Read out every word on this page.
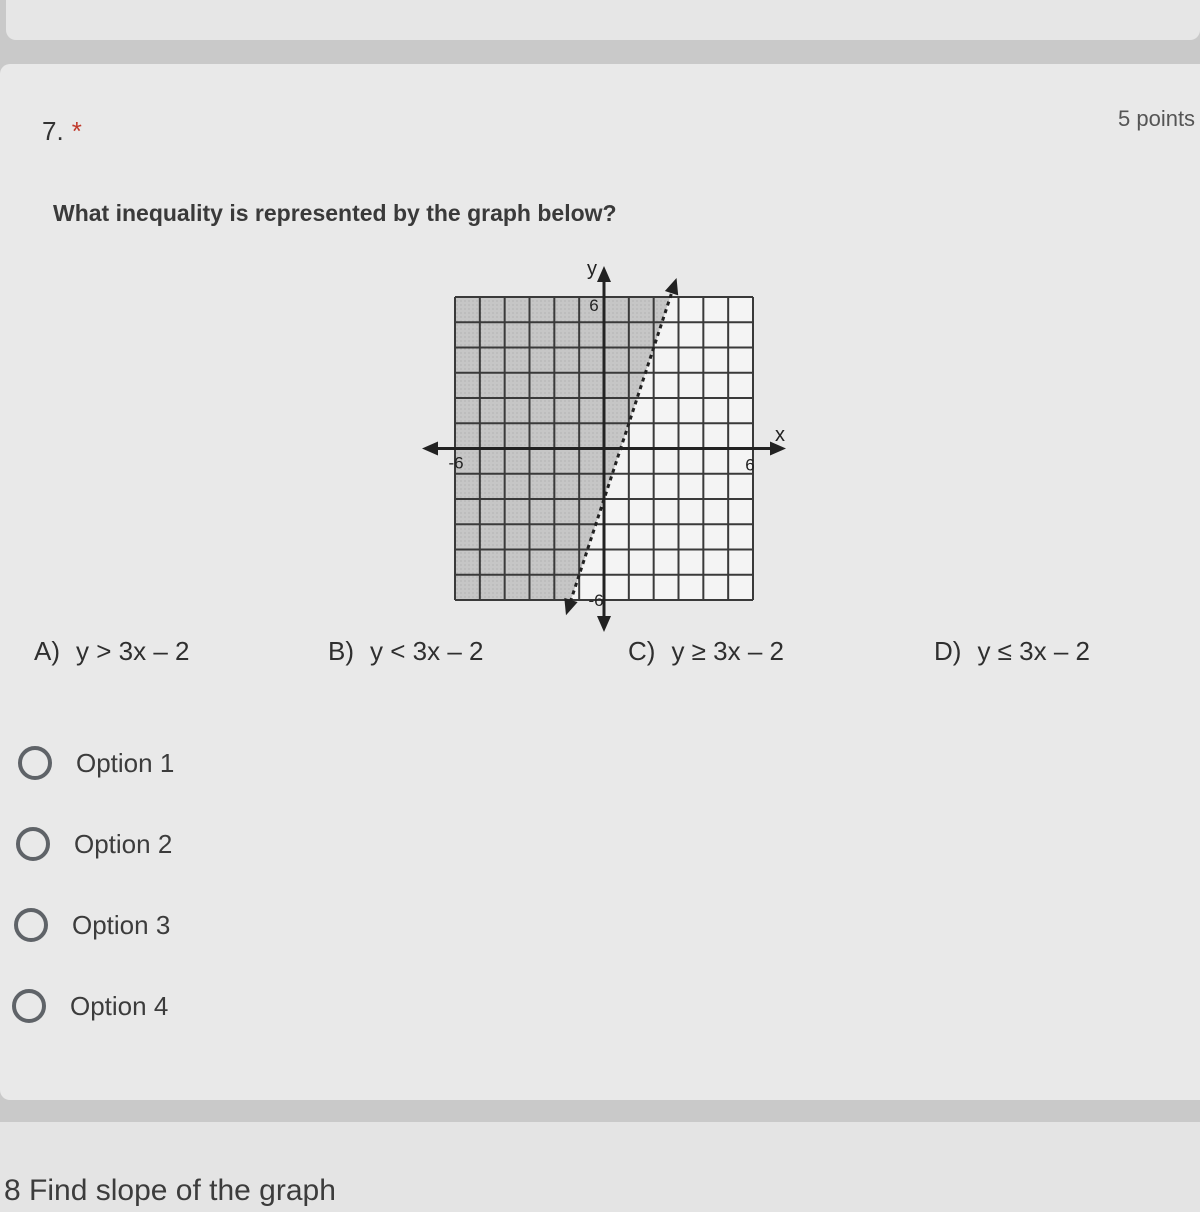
7. *	5 points
What inequality is represented by the graph below?
-6	6
6
-6
y
x
A) y > 3x – 2	B) y < 3x – 2	C) y ≥ 3x – 2	D) y ≤ 3x – 2
Option 1
Option 2
Option 3
Option 4
8 Find slope of the graph
